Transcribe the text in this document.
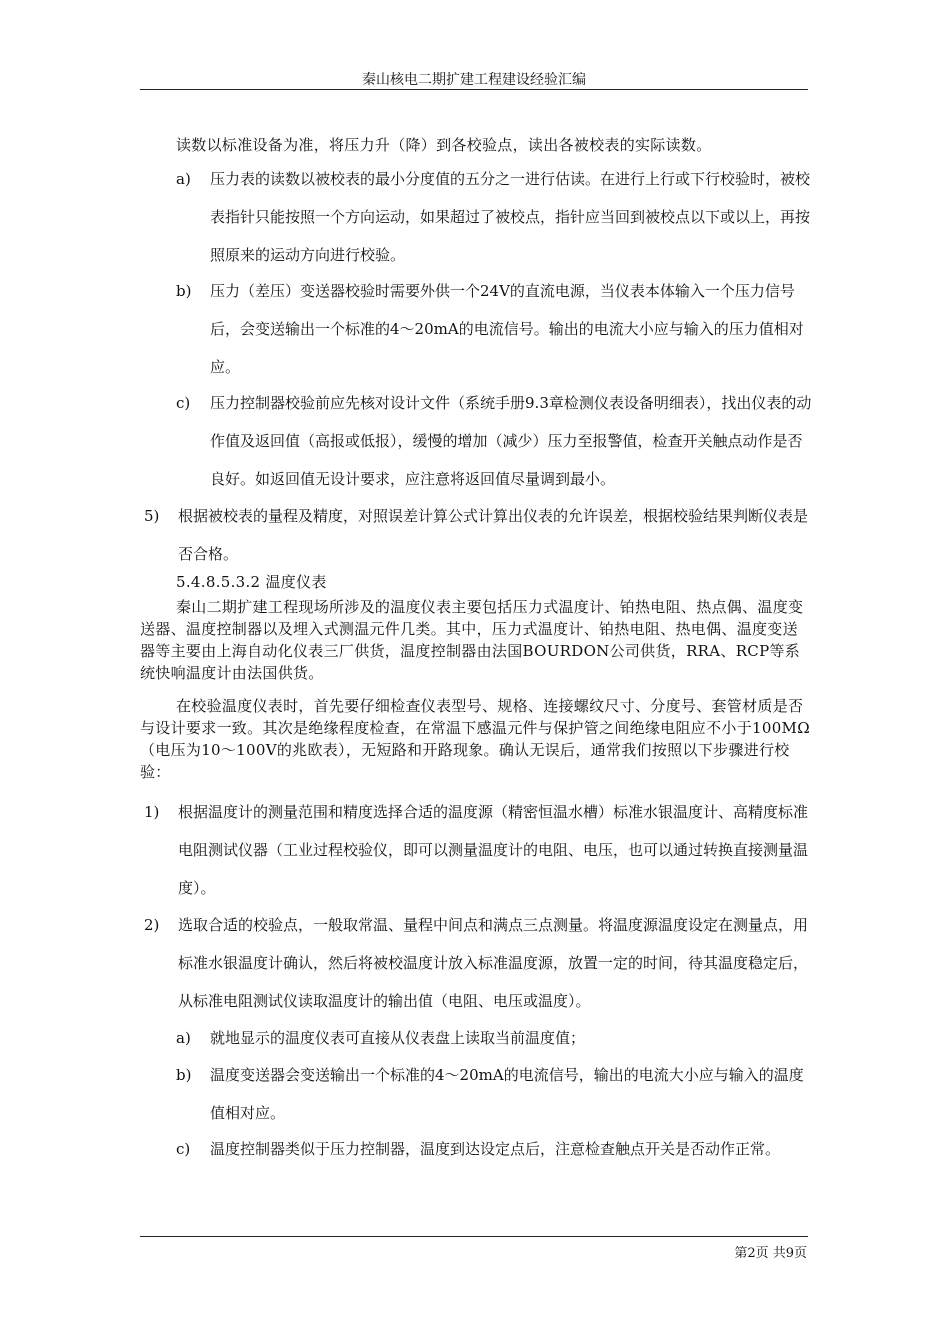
秦山核电二期扩建工程建设经验汇编
读数以标准设备为准，将压力升（降）到各校验点，读出各被校表的实际读数。
a) 压力表的读数以被校表的最小分度值的五分之一进行估读。在进行上行或下行校验时，被校表指针只能按照一个方向运动，如果超过了被校点，指针应当回到被校点以下或以上，再按照原来的运动方向进行校验。
b) 压力（差压）变送器校验时需要外供一个24V的直流电源，当仪表本体输入一个压力信号后，会变送输出一个标准的4～20mA的电流信号。输出的电流大小应与输入的压力值相对应。
c) 压力控制器校验前应先核对设计文件（系统手册9.3章检测仪表设备明细表），找出仪表的动作值及返回值（高报或低报），缓慢的增加（减少）压力至报警值，检查开关触点动作是否良好。如返回值无设计要求，应注意将返回值尽量调到最小。
5) 根据被校表的量程及精度，对照误差计算公式计算出仪表的允许误差，根据校验结果判断仪表是否合格。
5.4.8.5.3.2 温度仪表
秦山二期扩建工程现场所涉及的温度仪表主要包括压力式温度计、铂热电阻、热点偶、温度变送器、温度控制器以及埋入式测温元件几类。其中，压力式温度计、铂热电阻、热电偶、温度变送器等主要由上海自动化仪表三厂供货，温度控制器由法国BOURDON公司供货，RRA、RCP等系统快响温度计由法国供货。
在校验温度仪表时，首先要仔细检查仪表型号、规格、连接螺纹尺寸、分度号、套管材质是否与设计要求一致。其次是绝缘程度检查，在常温下感温元件与保护管之间绝缘电阻应不小于100MΩ（电压为10～100V的兆欧表），无短路和开路现象。确认无误后，通常我们按照以下步骤进行校验：
1) 根据温度计的测量范围和精度选择合适的温度源（精密恒温水槽）标准水银温度计、高精度标准电阻测试仪器（工业过程校验仪，即可以测量温度计的电阻、电压，也可以通过转换直接测量温度）。
2) 选取合适的校验点，一般取常温、量程中间点和满点三点测量。将温度源温度设定在测量点，用标准水银温度计确认，然后将被校温度计放入标准温度源，放置一定的时间，待其温度稳定后，从标准电阻测试仪读取温度计的输出值（电阻、电压或温度）。
a) 就地显示的温度仪表可直接从仪表盘上读取当前温度值；
b) 温度变送器会变送输出一个标准的4～20mA的电流信号，输出的电流大小应与输入的温度值相对应。
c) 温度控制器类似于压力控制器，温度到达设定点后，注意检查触点开关是否动作正常。
第2页 共9页
